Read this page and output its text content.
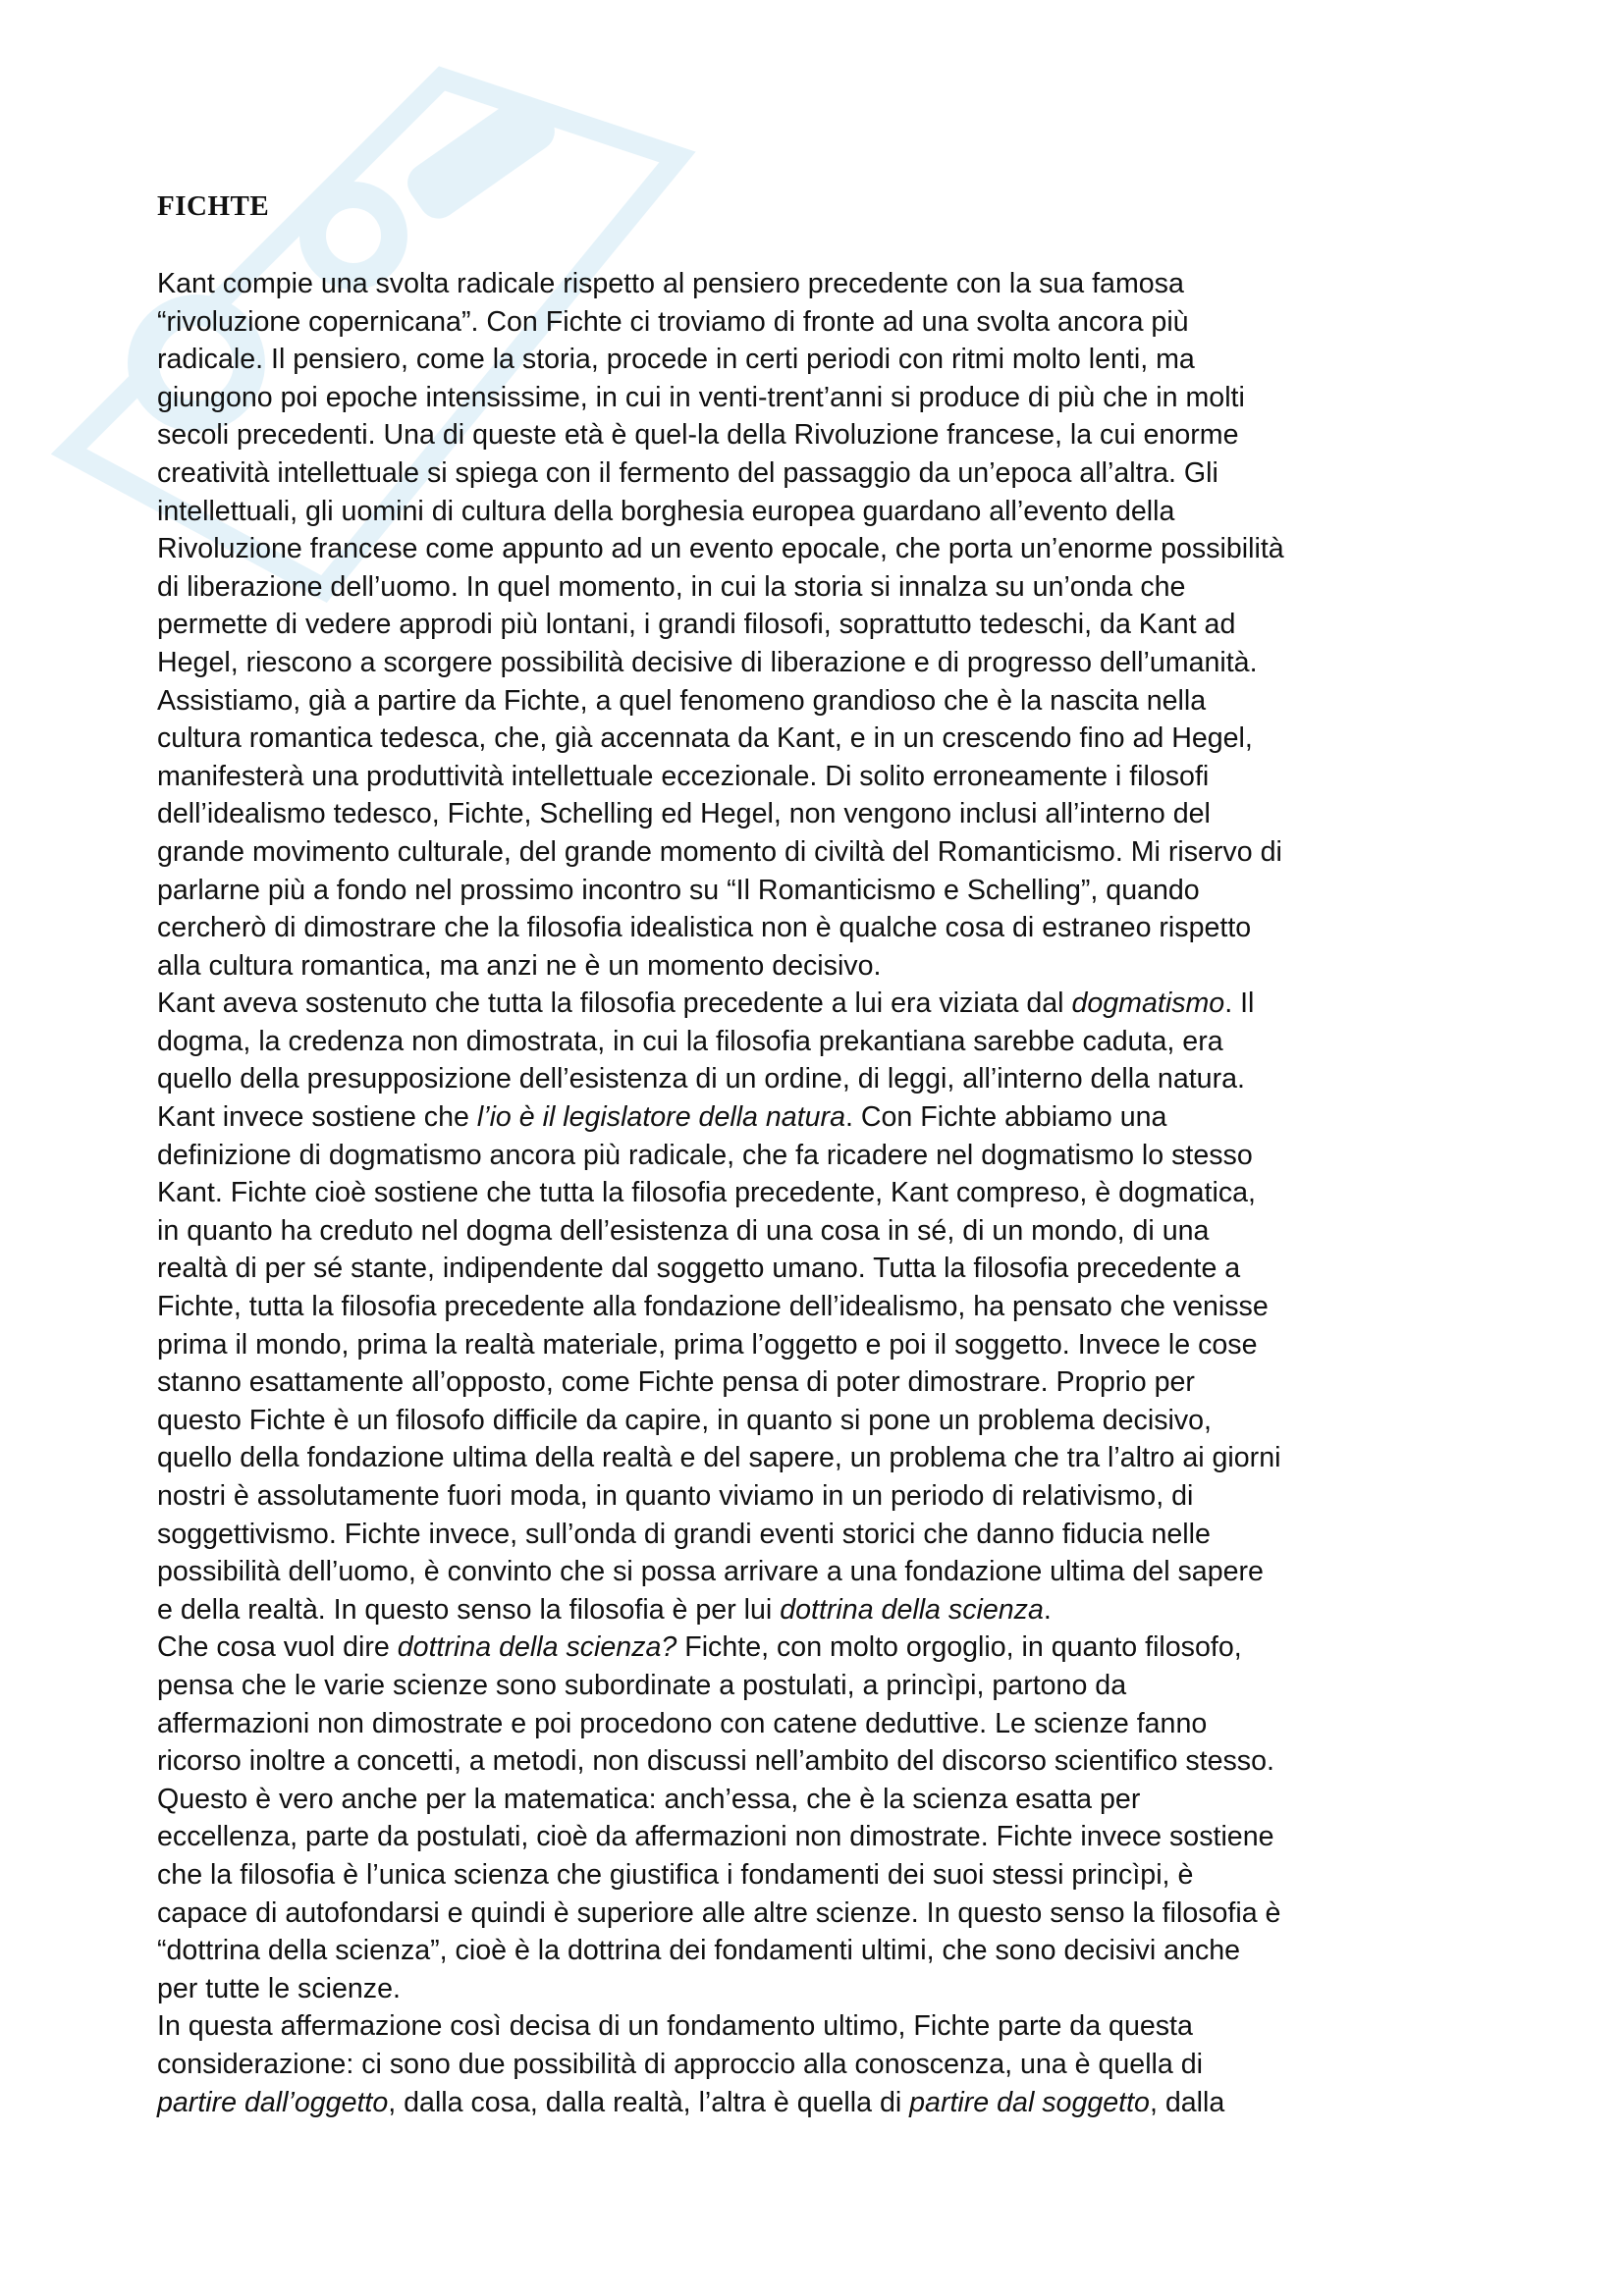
FICHTE
Kant compie una svolta radicale rispetto al pensiero precedente con la sua famosa
“rivoluzione copernicana”. Con Fichte ci troviamo di fronte ad una svolta ancora più
radicale. Il pensiero, come la storia, procede in certi periodi con ritmi molto lenti, ma
giungono poi epoche intensissime, in cui in venti-trent’anni si produce di più che in molti
secoli precedenti. Una di queste età è quel-la della Rivoluzione francese, la cui enorme
creatività intellettuale si spiega con il fermento del passaggio da un’epoca all’altra. Gli
intellettuali, gli uomini di cultura della borghesia europea guardano all’evento della
Rivoluzione francese come appunto ad un evento epocale, che porta un’enorme possibilità
di liberazione dell’uomo. In quel momento, in cui la storia si innalza su un’onda che
permette di vedere approdi più lontani, i grandi filosofi, soprattutto tedeschi, da Kant ad
Hegel, riescono a scorgere possibilità decisive di liberazione e di progresso dell’umanità.
Assistiamo, già a partire da Fichte, a quel fenomeno grandioso che è la nascita nella
cultura romantica tedesca, che, già accennata da Kant, e in un crescendo fino ad Hegel,
manifesterà una produttività intellettuale eccezionale. Di solito erroneamente i filosofi
dell’idealismo tedesco, Fichte, Schelling ed Hegel, non vengono inclusi all’interno del
grande movimento culturale, del grande momento di civiltà del Romanticismo. Mi riservo di
parlarne più a fondo nel prossimo incontro su “Il Romanticismo e Schelling”, quando
cercherò di dimostrare che la filosofia idealistica non è qualche cosa di estraneo rispetto
alla cultura romantica, ma anzi ne è un momento decisivo.
Kant aveva sostenuto che tutta la filosofia precedente a lui era viziata dal dogmatismo. Il
dogma, la credenza non dimostrata, in cui la filosofia prekantiana sarebbe caduta, era
quello della presupposizione dell’esistenza di un ordine, di leggi, all’interno della natura.
Kant invece sostiene che l’io è il legislatore della natura. Con Fichte abbiamo una
definizione di dogmatismo ancora più radicale, che fa ricadere nel dogmatismo lo stesso
Kant. Fichte cioè sostiene che tutta la filosofia precedente, Kant compreso, è dogmatica,
in quanto ha creduto nel dogma dell’esistenza di una cosa in sé, di un mondo, di una
realtà di per sé stante, indipendente dal soggetto umano. Tutta la filosofia precedente a
Fichte, tutta la filosofia precedente alla fondazione dell’idealismo, ha pensato che venisse
prima il mondo, prima la realtà materiale, prima l’oggetto e poi il soggetto. Invece le cose
stanno esattamente all’opposto, come Fichte pensa di poter dimostrare. Proprio per
questo Fichte è un filosofo difficile da capire, in quanto si pone un problema decisivo,
quello della fondazione ultima della realtà e del sapere, un problema che tra l’altro ai giorni
nostri è assolutamente fuori moda, in quanto viviamo in un periodo di relativismo, di
soggettivismo. Fichte invece, sull’onda di grandi eventi storici che danno fiducia nelle
possibilità dell’uomo, è convinto che si possa arrivare a una fondazione ultima del sapere
e della realtà. In questo senso la filosofia è per lui dottrina della scienza.
Che cosa vuol dire dottrina della scienza? Fichte, con molto orgoglio, in quanto filosofo,
pensa che le varie scienze sono subordinate a postulati, a princìpi, partono da
affermazioni non dimostrate e poi procedono con catene deduttive. Le scienze fanno
ricorso inoltre a concetti, a metodi, non discussi nell’ambito del discorso scientifico stesso.
Questo è vero anche per la matematica: anch’essa, che è la scienza esatta per
eccellenza, parte da postulati, cioè da affermazioni non dimostrate. Fichte invece sostiene
che la filosofia è l’unica scienza che giustifica i fondamenti dei suoi stessi princìpi, è
capace di autofondarsi e quindi è superiore alle altre scienze. In questo senso la filosofia è
“dottrina della scienza”, cioè è la dottrina dei fondamenti ultimi, che sono decisivi anche
per tutte le scienze.
In questa affermazione così decisa di un fondamento ultimo, Fichte parte da questa
considerazione: ci sono due possibilità di approccio alla conoscenza, una è quella di
partire dall’oggetto, dalla cosa, dalla realtà, l’altra è quella di partire dal soggetto, dalla
